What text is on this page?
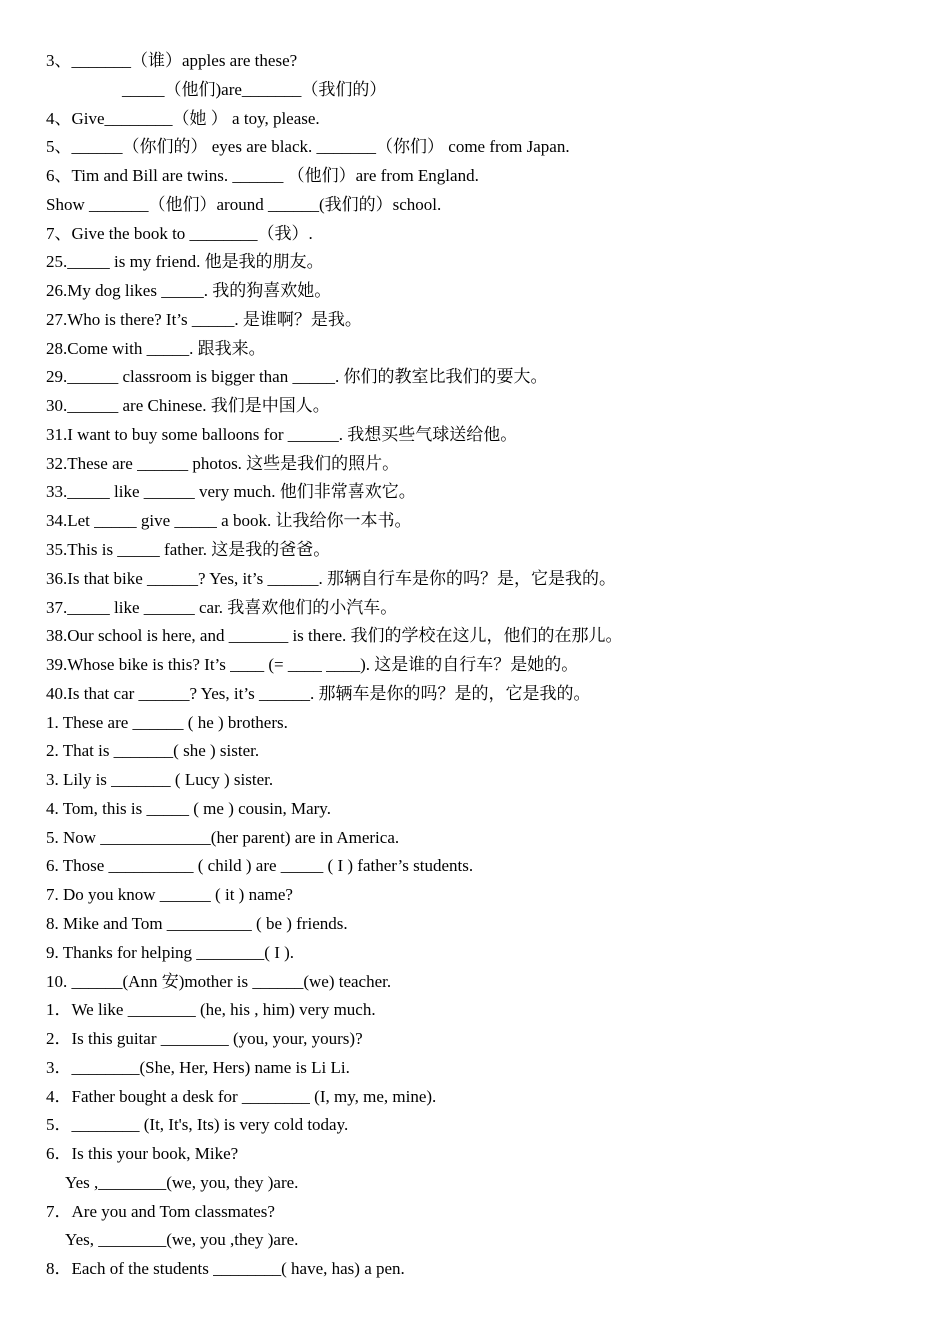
3、_______（谁）apples are these?
_____（他们)are_______（我们的）
4、Give________（她 ） a toy, please.
5、______（你们的） eyes are black. _______（你们） come from Japan.
6、Tim and Bill are twins. ______ （他们）are from England.
Show _______（他们）around ______(我们的）school.
7、Give the book to ________（我）.
25._____ is my friend. 他是我的朋友。
26.My dog likes _____. 我的狗喜欢她。
27.Who is there? It’s _____. 是谁啊？是我。
28.Come with _____. 跟我来。
29.______ classroom is bigger than _____. 你们的教室比我们的要大。
30.______ are Chinese. 我们是中国人。
31.I want to buy some balloons for ______. 我想买些气球送给他。
32.These are ______ photos. 这些是我们的照片。
33._____ like ______ very much. 他们非常喜欢它。
34.Let _____ give _____ a book. 让我给你一本书。
35.This is _____ father. 这是我的爸爸。
36.Is that bike ______? Yes, it’s ______. 那辆自行车是你的吗？是，它是我的。
37._____ like ______ car. 我喜欢他们的小汽车。
38.Our school is here, and _______ is there. 我们的学校在这儿，他们的在那儿。
39.Whose bike is this? It’s ____ (= ____ ____). 这是谁的自行车？是她的。
40.Is that car ______? Yes, it’s ______. 那辆车是你的吗？是的，它是我的。
1. These are ______ ( he ) brothers.
2. That is _______( she ) sister.
3. Lily is _______ ( Lucy ) sister.
4. Tom, this is _____ ( me ) cousin, Mary.
5. Now _____________(her parent) are in America.
6. Those __________ ( child ) are _____ ( I ) father’s students.
7. Do you know ______ ( it ) name?
8. Mike and Tom __________ ( be ) friends.
9. Thanks for helping ________( I ).
10. ______(Ann 安)mother is ______(we) teacher.
1．We like ________ (he, his , him) very much.
2．Is this guitar ________ (you, your, yours)?
3．________(She, Her, Hers) name is Li Li.
4．Father bought a desk for ________ (I, my, me, mine).
5．________ (It, It's, Its) is very cold today.
6．Is this your book, Mike?
Yes ,________(we, you, they )are.
7．Are you and Tom classmates?
Yes, ________(we, you ,they )are.
8．Each of the students ________( have, has) a pen.
